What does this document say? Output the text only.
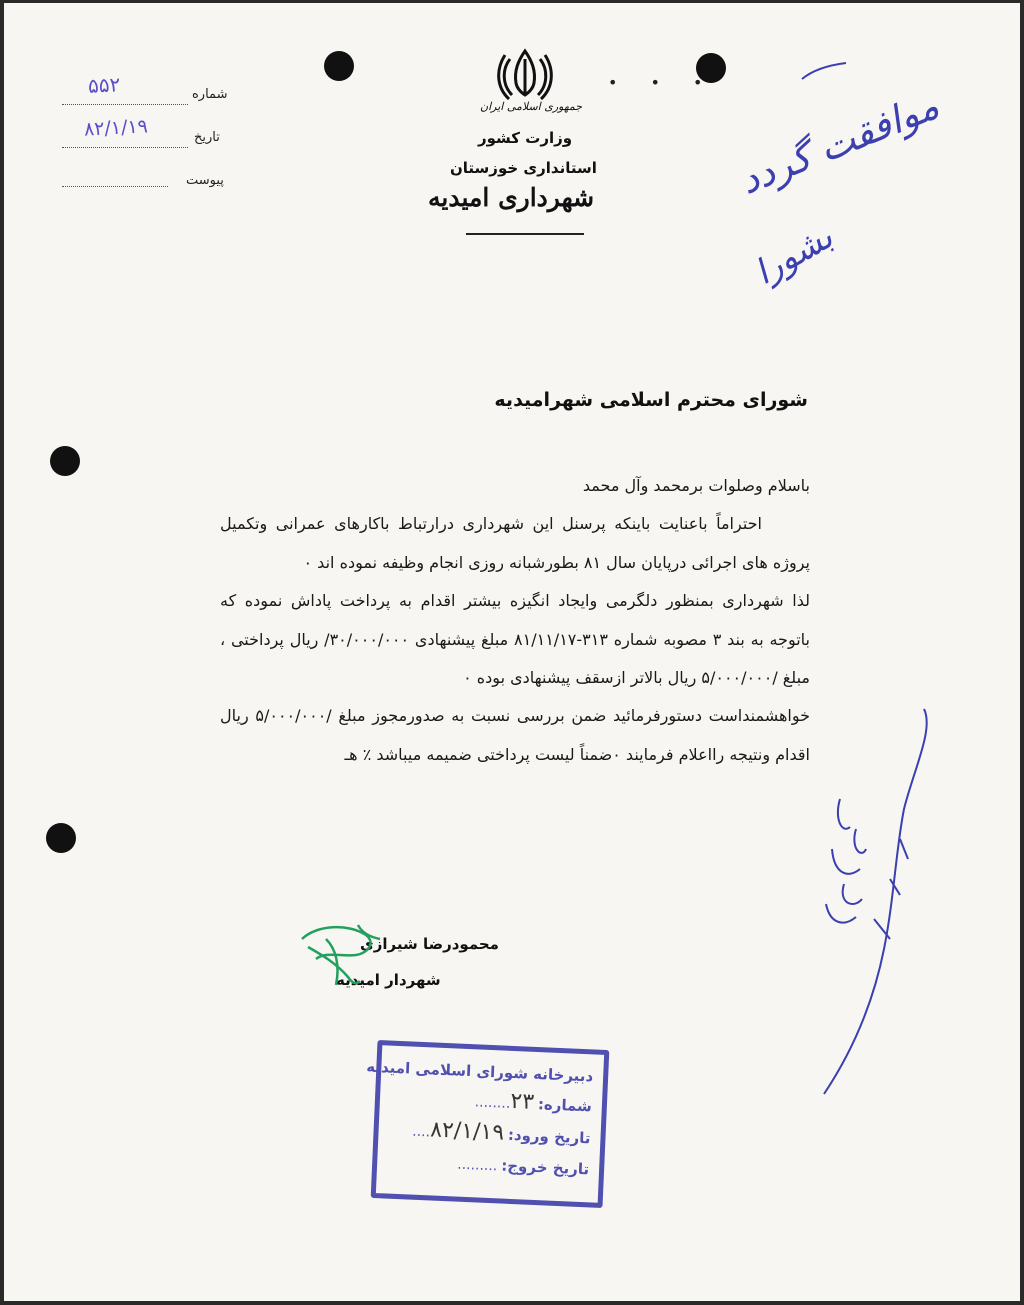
• • •
شماره
۵۵۲
تاریخ
۸۲/۱/۱۹
پیوست
جمهوری اسلامی ایران
وزارت کشور
استانداری خوزستان
شهرداری امیدیه	موافقت گردد
بشورا
شورای محترم اسلامی شهرامیدیه

باسلام وصلوات برمحمد وآل محمد

احتراماً باعنایت باینکه پرسنل این شهرداری درارتباط باکارهای عمرانی وتکمیل پروژه های اجرائی درپایان سال ۸۱ بطورشبانه روزی انجام وظیفه نموده اند ۰

لذا شهرداری بمنظور دلگرمی وایجاد انگیزه بیشتر اقدام به پرداخت پاداش نموده که باتوجه به بند ۳ مصوبه شماره ۳۱۳-۸۱/۱۱/۱۷ مبلغ پیشنهادی ۳۰/۰۰۰/۰۰۰/ ریال پرداختی ، مبلغ /۵/۰۰۰/۰۰۰ ریال بالاتر ازسقف پیشنهادی بوده ۰

خواهشمنداست دستورفرمائید ضمن بررسی نسبت به صدورمجوز مبلغ /۵/۰۰۰/۰۰۰ ریال اقدام ونتیجه رااعلام فرمایند ۰ضمناً لیست پرداختی ضمیمه میباشد ٪ هـ

محمودرضا شیرازی
شهردار امیدیه
دبیرخانه شورای اسلامی امیدیه
شماره:
۲۳
........
تاریخ ورود:
۸۲/۱/۱۹
....
تاریخ خروج:
.........
